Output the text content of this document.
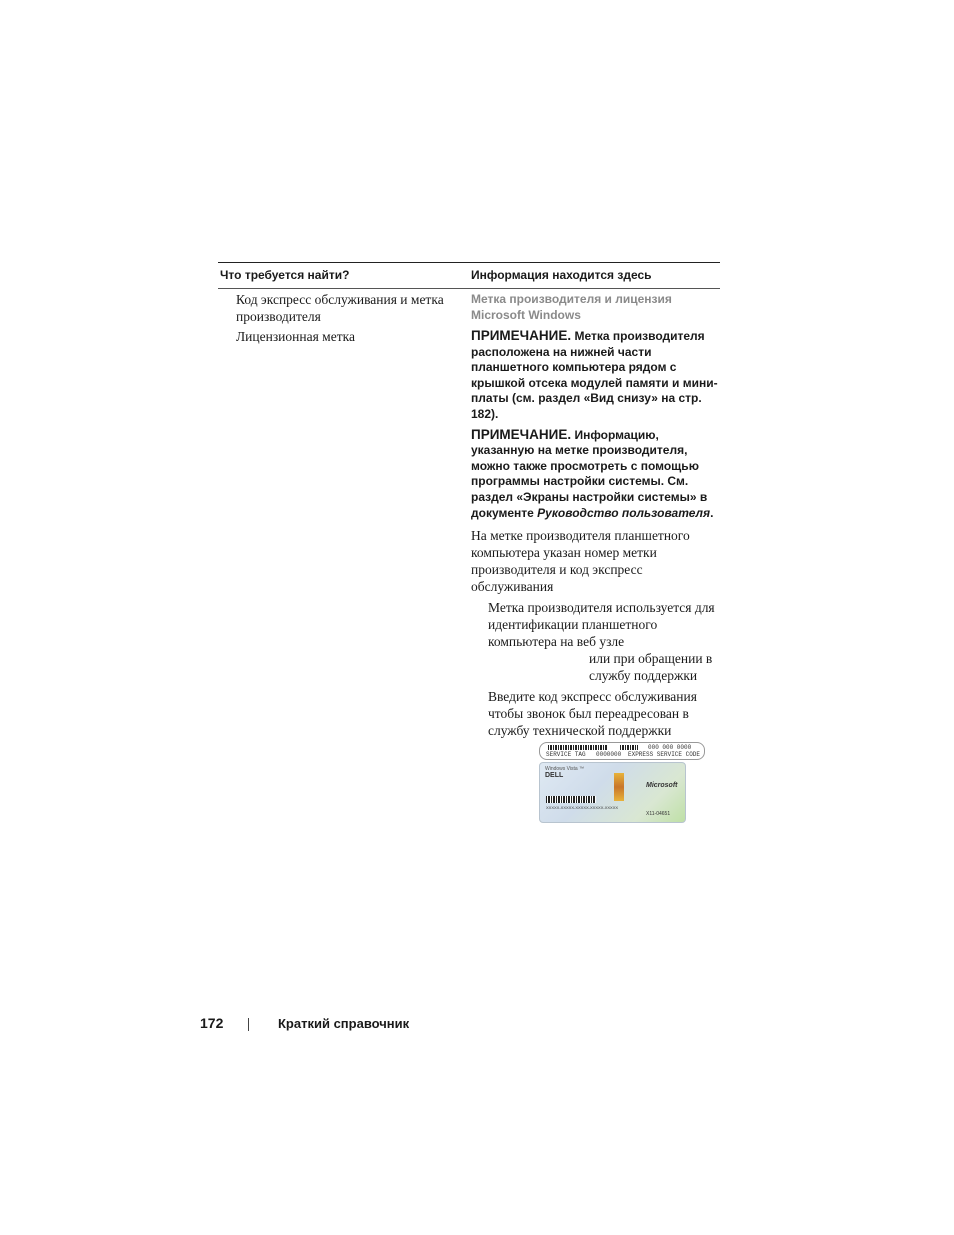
Что требуется найти?	Информация находится здесь

Код экспресс обслуживания и метка производителя

Лицензионная метка

Метка производителя и лицензия Microsoft Windows

ПРИМЕЧАНИЕ. Метка производителя расположена на нижней части планшетного компьютера рядом с крышкой отсека модулей памяти и мини-платы (см. раздел «Вид снизу» на стр. 182).

ПРИМЕЧАНИЕ. Информацию, указанную на метке производителя, можно также просмотреть с помощью программы настройки системы. См. раздел «Экраны настройки системы» в документе Руководство пользователя.

На метке производителя планшетного компьютера указан номер метки производителя и код экспресс обслуживания

Метка производителя используется для идентификации планшетного компьютера на веб узле
или при обращении в службу поддержки

Введите код экспресс обслуживания чтобы звонок был переадресован в службу технической поддержки

000 000 0000
SERVICE TAG 0000000 EXPRESS SERVICE CODE
Windows Vista ™
DELL
Microsoft
XXXXX-XXXXX-XXXXX-XXXXX-XXXXX
X11-04651
172	Краткий справочник
